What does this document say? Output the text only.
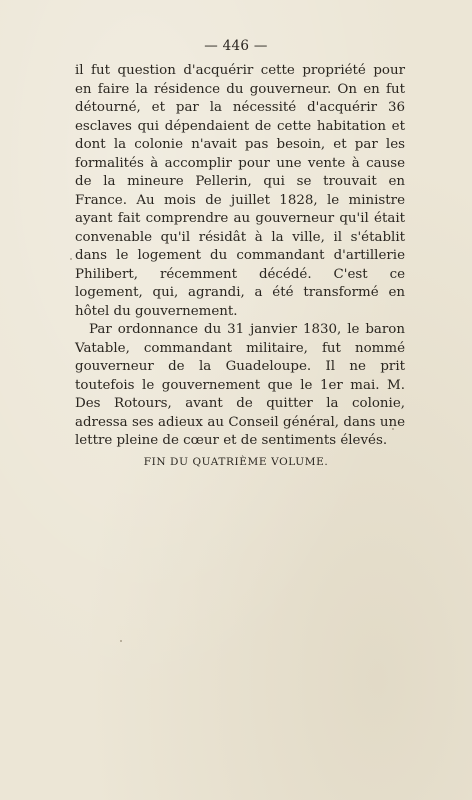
— 446 —

il fut question d'acquérir cette propriété pour en faire la résidence du gouverneur. On en fut détourné, et par la nécessité d'acquérir 36 esclaves qui dépendaient de cette habitation et dont la colonie n'avait pas besoin, et par les formalités à accomplir pour une vente à cause de la mineure Pellerin, qui se trouvait en France. Au mois de juillet 1828, le ministre ayant fait comprendre au gouverneur qu'il était convenable qu'il résidât à la ville, il s'établit dans le logement du commandant d'artillerie Philibert, récemment décédé. C'est ce logement, qui, agrandi, a été transformé en hôtel du gouvernement.

Par ordonnance du 31 janvier 1830, le baron Vatable, commandant militaire, fut nommé gouverneur de la Guadeloupe. Il ne prit toutefois le gouvernement que le 1er mai. M. Des Rotours, avant de quitter la colonie, adressa ses adieux au Conseil général, dans une lettre pleine de cœur et de sentiments élevés.

FIN DU QUATRIÈME VOLUME.
